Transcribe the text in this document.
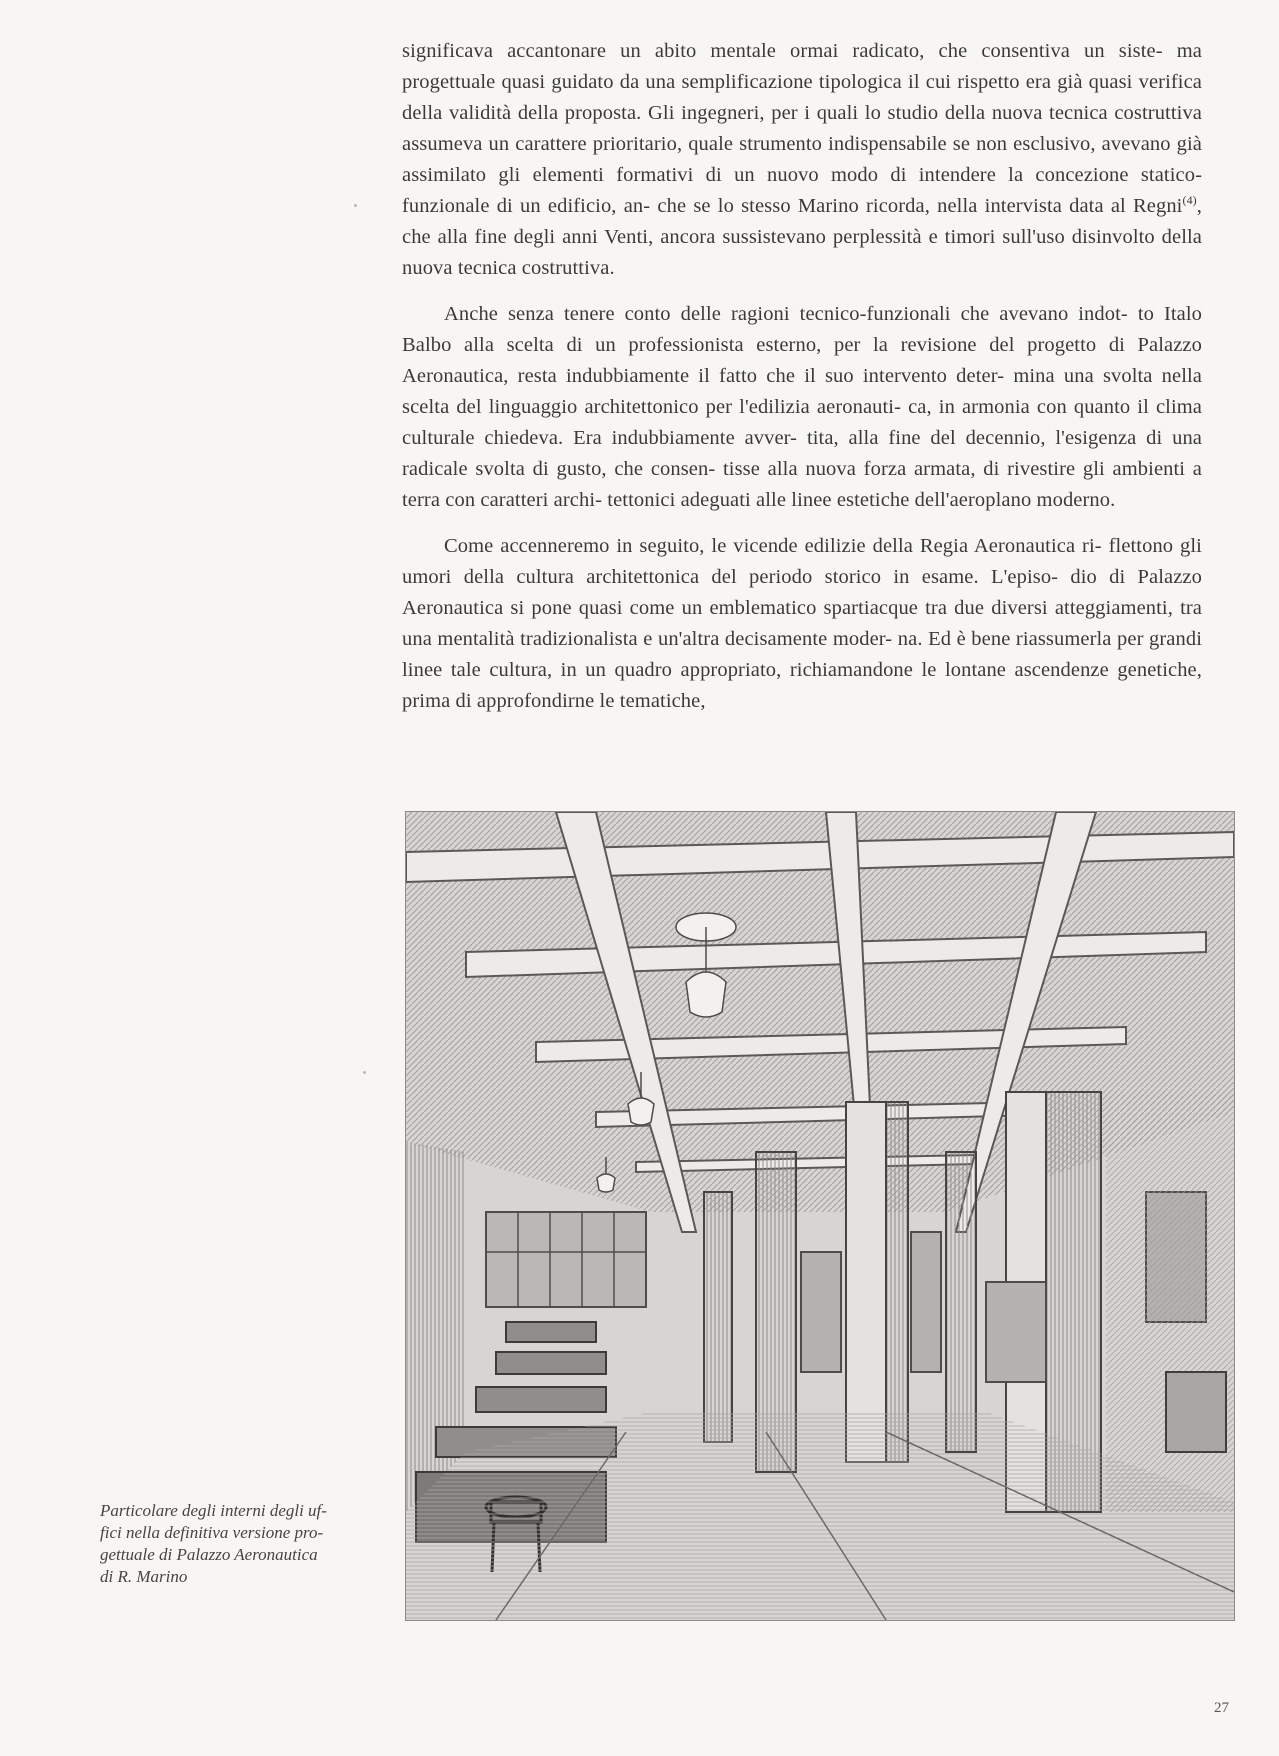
significava accantonare un abito mentale ormai radicato, che consentiva un siste- ma progettuale quasi guidato da una semplificazione tipologica il cui rispetto era già quasi verifica della validità della proposta. Gli ingegneri, per i quali lo studio della nuova tecnica costruttiva assumeva un carattere prioritario, quale strumento indispensabile se non esclusivo, avevano già assimilato gli elementi formativi di un nuovo modo di intendere la concezione statico-funzionale di un edificio, an- che se lo stesso Marino ricorda, nella intervista data al Regni$^{(4)}$, che alla fine degli anni Venti, ancora sussistevano perplessità e timori sull'uso disinvolto della nuova tecnica costruttiva.

Anche senza tenere conto delle ragioni tecnico-funzionali che avevano indot- to Italo Balbo alla scelta di un professionista esterno, per la revisione del progetto di Palazzo Aeronautica, resta indubbiamente il fatto che il suo intervento deter- mina una svolta nella scelta del linguaggio architettonico per l'edilizia aeronauti- ca, in armonia con quanto il clima culturale chiedeva. Era indubbiamente avver- tita, alla fine del decennio, l'esigenza di una radicale svolta di gusto, che consen- tisse alla nuova forza armata, di rivestire gli ambienti a terra con caratteri archi- tettonici adeguati alle linee estetiche dell'aeroplano moderno.

Come accenneremo in seguito, le vicende edilizie della Regia Aeronautica ri- flettono gli umori della cultura architettonica del periodo storico in esame. L'episo- dio di Palazzo Aeronautica si pone quasi come un emblematico spartiacque tra due diversi atteggiamenti, tra una mentalità tradizionalista e un'altra decisamente moder- na. Ed è bene riassumerla per grandi linee tale cultura, in un quadro appropriato, richiamandone le lontane ascendenze genetiche, prima di approfondirne le tematiche,

Particolare degli interni degli uf-
fici nella definitiva versione pro-
gettuale di Palazzo Aeronautica
di R. Marino
27
